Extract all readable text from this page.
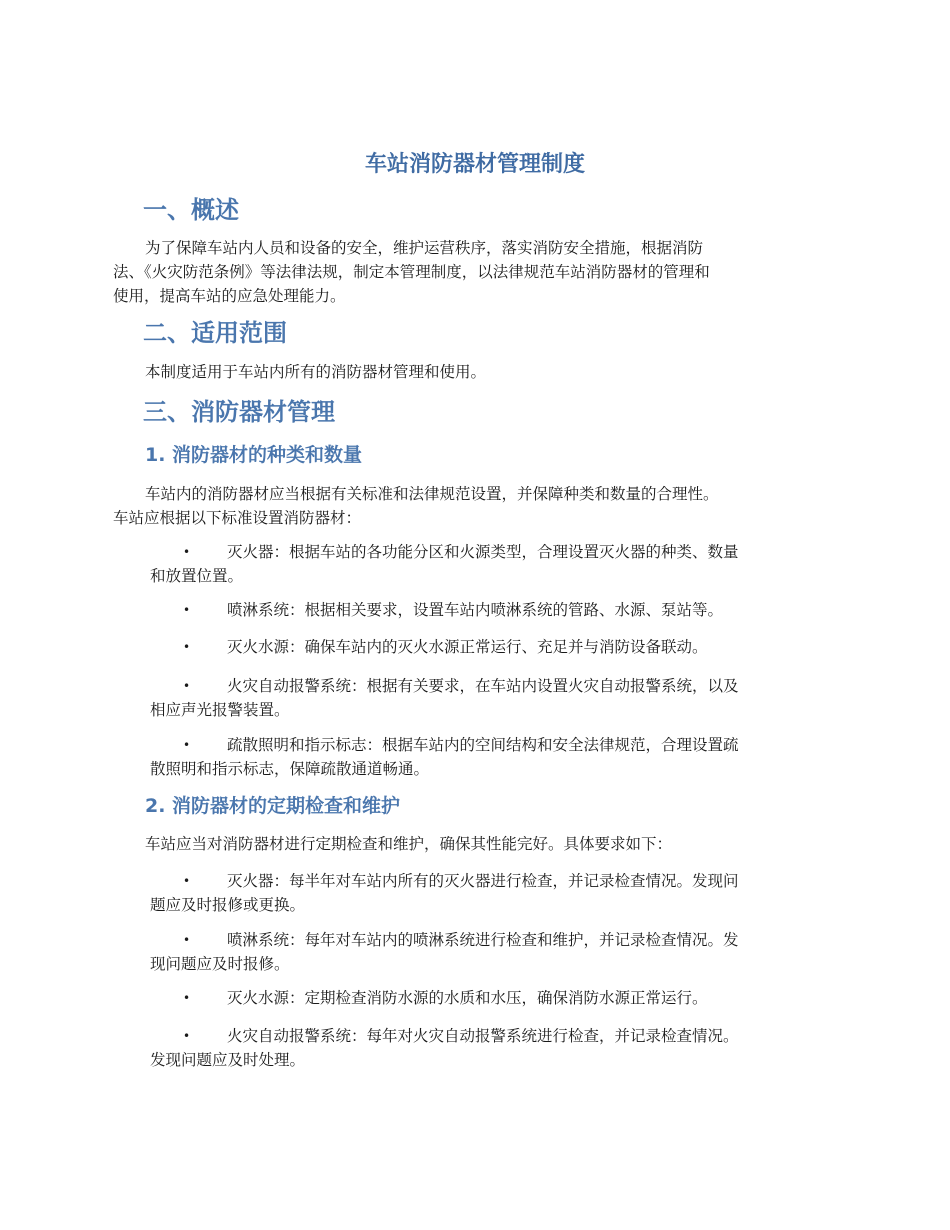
车站消防器材管理制度
一、概述
为了保障车站内人员和设备的安全，维护运营秩序，落实消防安全措施，根据消防
法、《火灾防范条例》等法律法规，制定本管理制度，以法律规范车站消防器材的管理和
使用，提高车站的应急处理能力。
二、适用范围
本制度适用于车站内所有的消防器材管理和使用。
三、消防器材管理
1. 消防器材的种类和数量
车站内的消防器材应当根据有关标准和法律规范设置，并保障种类和数量的合理性。
车站应根据以下标准设置消防器材：
•	灭火器：根据车站的各功能分区和火源类型，合理设置灭火器的种类、数量
和放置位置。
•	喷淋系统：根据相关要求，设置车站内喷淋系统的管路、水源、泵站等。
•	灭火水源：确保车站内的灭火水源正常运行、充足并与消防设备联动。
•	火灾自动报警系统：根据有关要求，在车站内设置火灾自动报警系统，以及
相应声光报警装置。
•	疏散照明和指示标志：根据车站内的空间结构和安全法律规范，合理设置疏
散照明和指示标志，保障疏散通道畅通。
2. 消防器材的定期检查和维护
车站应当对消防器材进行定期检查和维护，确保其性能完好。具体要求如下：
•	灭火器：每半年对车站内所有的灭火器进行检查，并记录检查情况。发现问
题应及时报修或更换。
•	喷淋系统：每年对车站内的喷淋系统进行检查和维护，并记录检查情况。发
现问题应及时报修。
•	灭火水源：定期检查消防水源的水质和水压，确保消防水源正常运行。
•	火灾自动报警系统：每年对火灾自动报警系统进行检查，并记录检查情况。
发现问题应及时处理。
